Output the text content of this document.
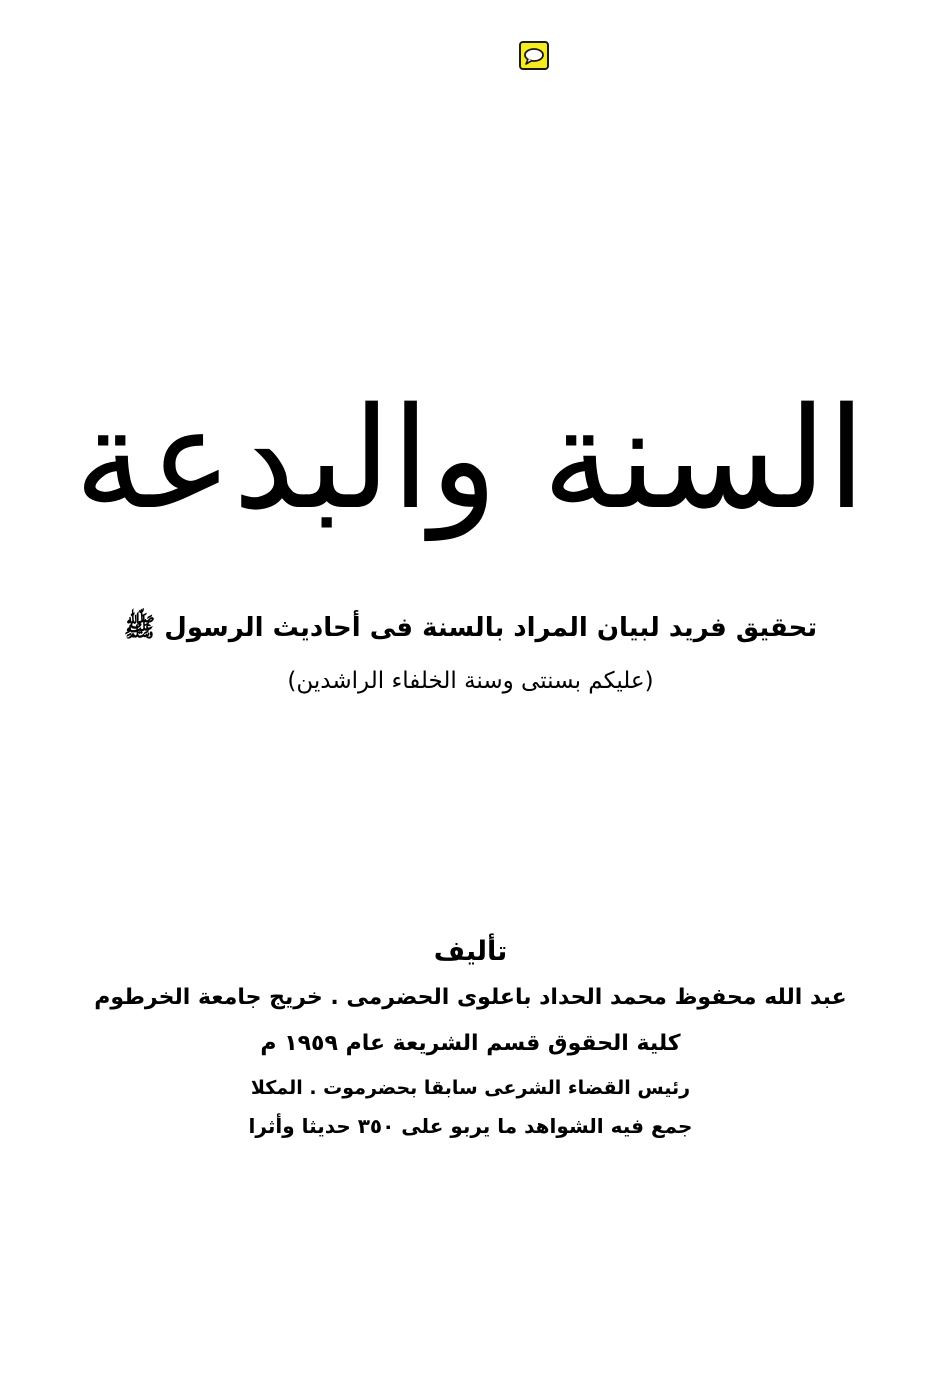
السنة والبدعة
تحقيق فريد لبيان المراد بالسنة فى أحاديث الرسول ﷺ
(عليكم بسنتى وسنة الخلفاء الراشدين)
تأليف
عبد الله محفوظ محمد الحداد باعلوى الحضرمى . خريج جامعة الخرطوم
كلية الحقوق قسم الشريعة عام ١٩٥٩ م
رئيس القضاء الشرعى سابقا بحضرموت . المكلا
جمع فيه الشواهد ما يربو على ٣٥٠ حديثا وأثرا
